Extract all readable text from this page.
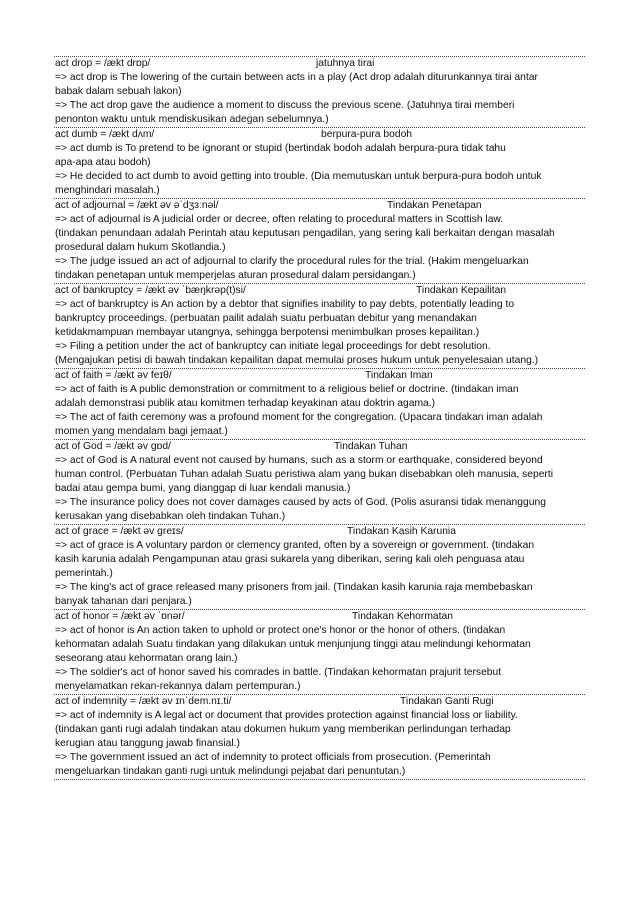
act drop = /ækt drɒp/	jatuhnya tirai
=> act drop is The lowering of the curtain between acts in a play (Act drop adalah diturunkannya tirai antar
babak dalam sebuah lakon)
=> The act drop gave the audience a moment to discuss the previous scene. (Jatuhnya tirai memberi
penonton waktu untuk mendiskusikan adegan sebelumnya.)
act dumb = /ækt dʌm/	berpura-pura bodoh
=> act dumb is To pretend to be ignorant or stupid (bertindak bodoh adalah berpura-pura tidak tahu
apa-apa atau bodoh)
=> He decided to act dumb to avoid getting into trouble. (Dia memutuskan untuk berpura-pura bodoh untuk
menghindari masalah.)
act of adjournal = /ækt əv əˈdʒɜːnəl/	Tindakan Penetapan
=> act of adjournal is A judicial order or decree, often relating to procedural matters in Scottish law.
(tindakan penundaan adalah Perintah atau keputusan pengadilan, yang sering kali berkaitan dengan masalah
prosedural dalam hukum Skotlandia.)
=> The judge issued an act of adjournal to clarify the procedural rules for the trial. (Hakim mengeluarkan
tindakan penetapan untuk memperjelas aturan prosedural dalam persidangan.)
act of bankruptcy = /ækt əv ˈbæŋkrəp(t)si/	Tindakan Kepailitan
=> act of bankruptcy is An action by a debtor that signifies inability to pay debts, potentially leading to
bankruptcy proceedings. (perbuatan pailit adalah suatu perbuatan debitur yang menandakan
ketidakmampuan membayar utangnya, sehingga berpotensi menimbulkan proses kepailitan.)
=> Filing a petition under the act of bankruptcy can initiate legal proceedings for debt resolution.
(Mengajukan petisi di bawah tindakan kepailitan dapat memulai proses hukum untuk penyelesaian utang.)
act of faith = /ækt əv feɪθ/	Tindakan Iman
=> act of faith is A public demonstration or commitment to a religious belief or doctrine. (tindakan iman
adalah demonstrasi publik atau komitmen terhadap keyakinan atau doktrin agama.)
=> The act of faith ceremony was a profound moment for the congregation. (Upacara tindakan iman adalah
momen yang mendalam bagi jemaat.)
act of God = /ækt əv ɡɒd/	Tindakan Tuhan
=> act of God is A natural event not caused by humans, such as a storm or earthquake, considered beyond
human control. (Perbuatan Tuhan adalah Suatu peristiwa alam yang bukan disebabkan oleh manusia, seperti
badai atau gempa bumi, yang dianggap di luar kendali manusia.)
=> The insurance policy does not cover damages caused by acts of God. (Polis asuransi tidak menanggung
kerusakan yang disebabkan oleh tindakan Tuhan.)
act of grace = /ækt əv ɡreɪs/	Tindakan Kasih Karunia
=> act of grace is A voluntary pardon or clemency granted, often by a sovereign or government. (tindakan
kasih karunia adalah Pengampunan atau grasi sukarela yang diberikan, sering kali oleh penguasa atau
pemerintah.)
=> The king's act of grace released many prisoners from jail. (Tindakan kasih karunia raja membebaskan
banyak tahanan dari penjara.)
act of honor = /ækt əv ˈɒnər/	Tindakan Kehormatan
=> act of honor is An action taken to uphold or protect one's honor or the honor of others. (tindakan
kehormatan adalah Suatu tindakan yang dilakukan untuk menjunjung tinggi atau melindungi kehormatan
seseorang atau kehormatan orang lain.)
=> The soldier's act of honor saved his comrades in battle. (Tindakan kehormatan prajurit tersebut
menyelamatkan rekan-rekannya dalam pertempuran.)
act of indemnity = /ækt əv ɪnˈdem.nɪ.ti/	Tindakan Ganti Rugi
=> act of indemnity is A legal act or document that provides protection against financial loss or liability.
(tindakan ganti rugi adalah tindakan atau dokumen hukum yang memberikan perlindungan terhadap
kerugian atau tanggung jawab finansial.)
=> The government issued an act of indemnity to protect officials from prosecution. (Pemerintah
mengeluarkan tindakan ganti rugi untuk melindungi pejabat dari penuntutan.)
